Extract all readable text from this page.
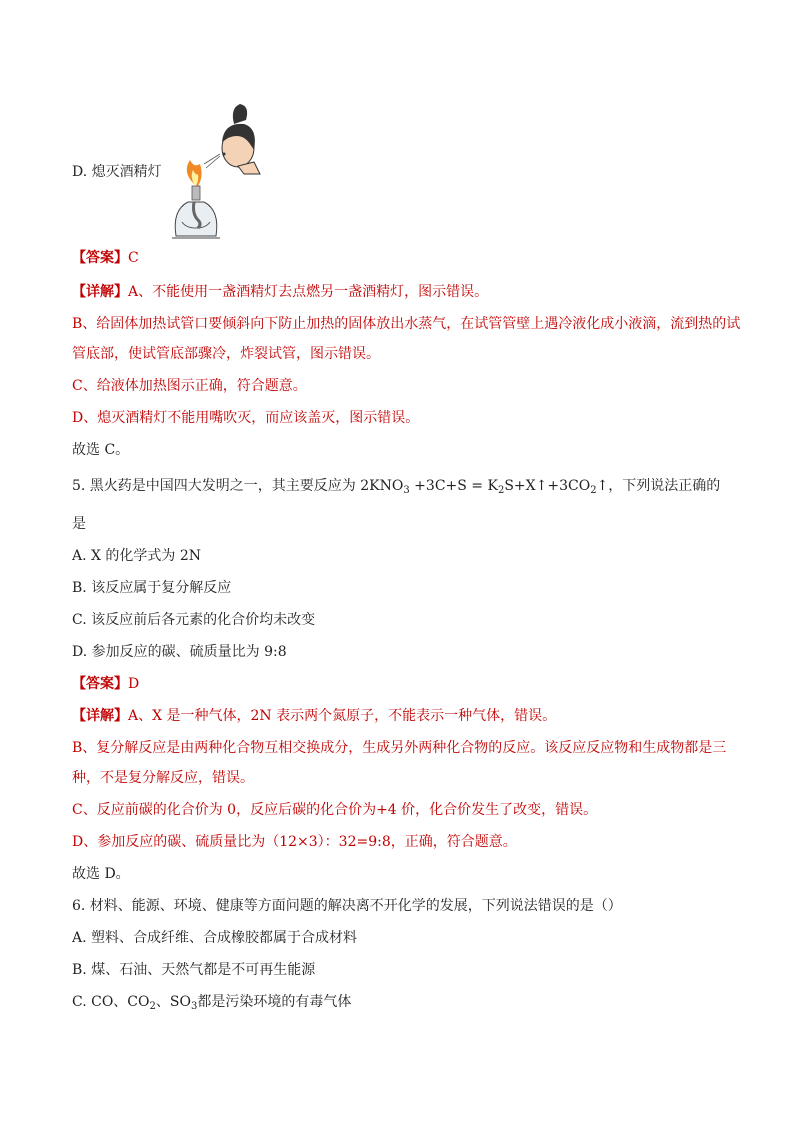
D. 熄灭酒精灯
【答案】C
【详解】A、不能使用一盏酒精灯去点燃另一盏酒精灯，图示错误。
B、给固体加热试管口要倾斜向下防止加热的固体放出水蒸气，在试管管壁上遇冷液化成小液滴，流到热的试
管底部，使试管底部骤冷，炸裂试管，图示错误。
C、给液体加热图示正确，符合题意。
D、熄灭酒精灯不能用嘴吹灭，而应该盖灭，图示错误。
故选 C。
5. 黑火药是中国四大发明之一，其主要反应为 $2KNO_3 +3C+S$ = $K_2S+X↑+3CO_2↑$，下列说法正确的
是
A. X 的化学式为 2N
B. 该反应属于复分解反应
C. 该反应前后各元素的化合价均未改变
D. 参加反应的碳、硫质量比为 9:8
【答案】D
【详解】A、X 是一种气体，2N 表示两个氮原子，不能表示一种气体，错误。
B、复分解反应是由两种化合物互相交换成分，生成另外两种化合物的反应。该反应反应物和生成物都是三
种，不是复分解反应，错误。
C、反应前碳的化合价为 0，反应后碳的化合价为+4 价，化合价发生了改变，错误。
D、参加反应的碳、硫质量比为（12×3）：32=9:8，正确，符合题意。
故选 D。
6. 材料、能源、环境、健康等方面问题的解决离不开化学的发展，下列说法错误的是（）
A. 塑料、合成纤维、合成橡胶都属于合成材料
B. 煤、石油、天然气都是不可再生能源
C. CO、$CO_2$、$SO_3$都是污染环境的有毒气体
